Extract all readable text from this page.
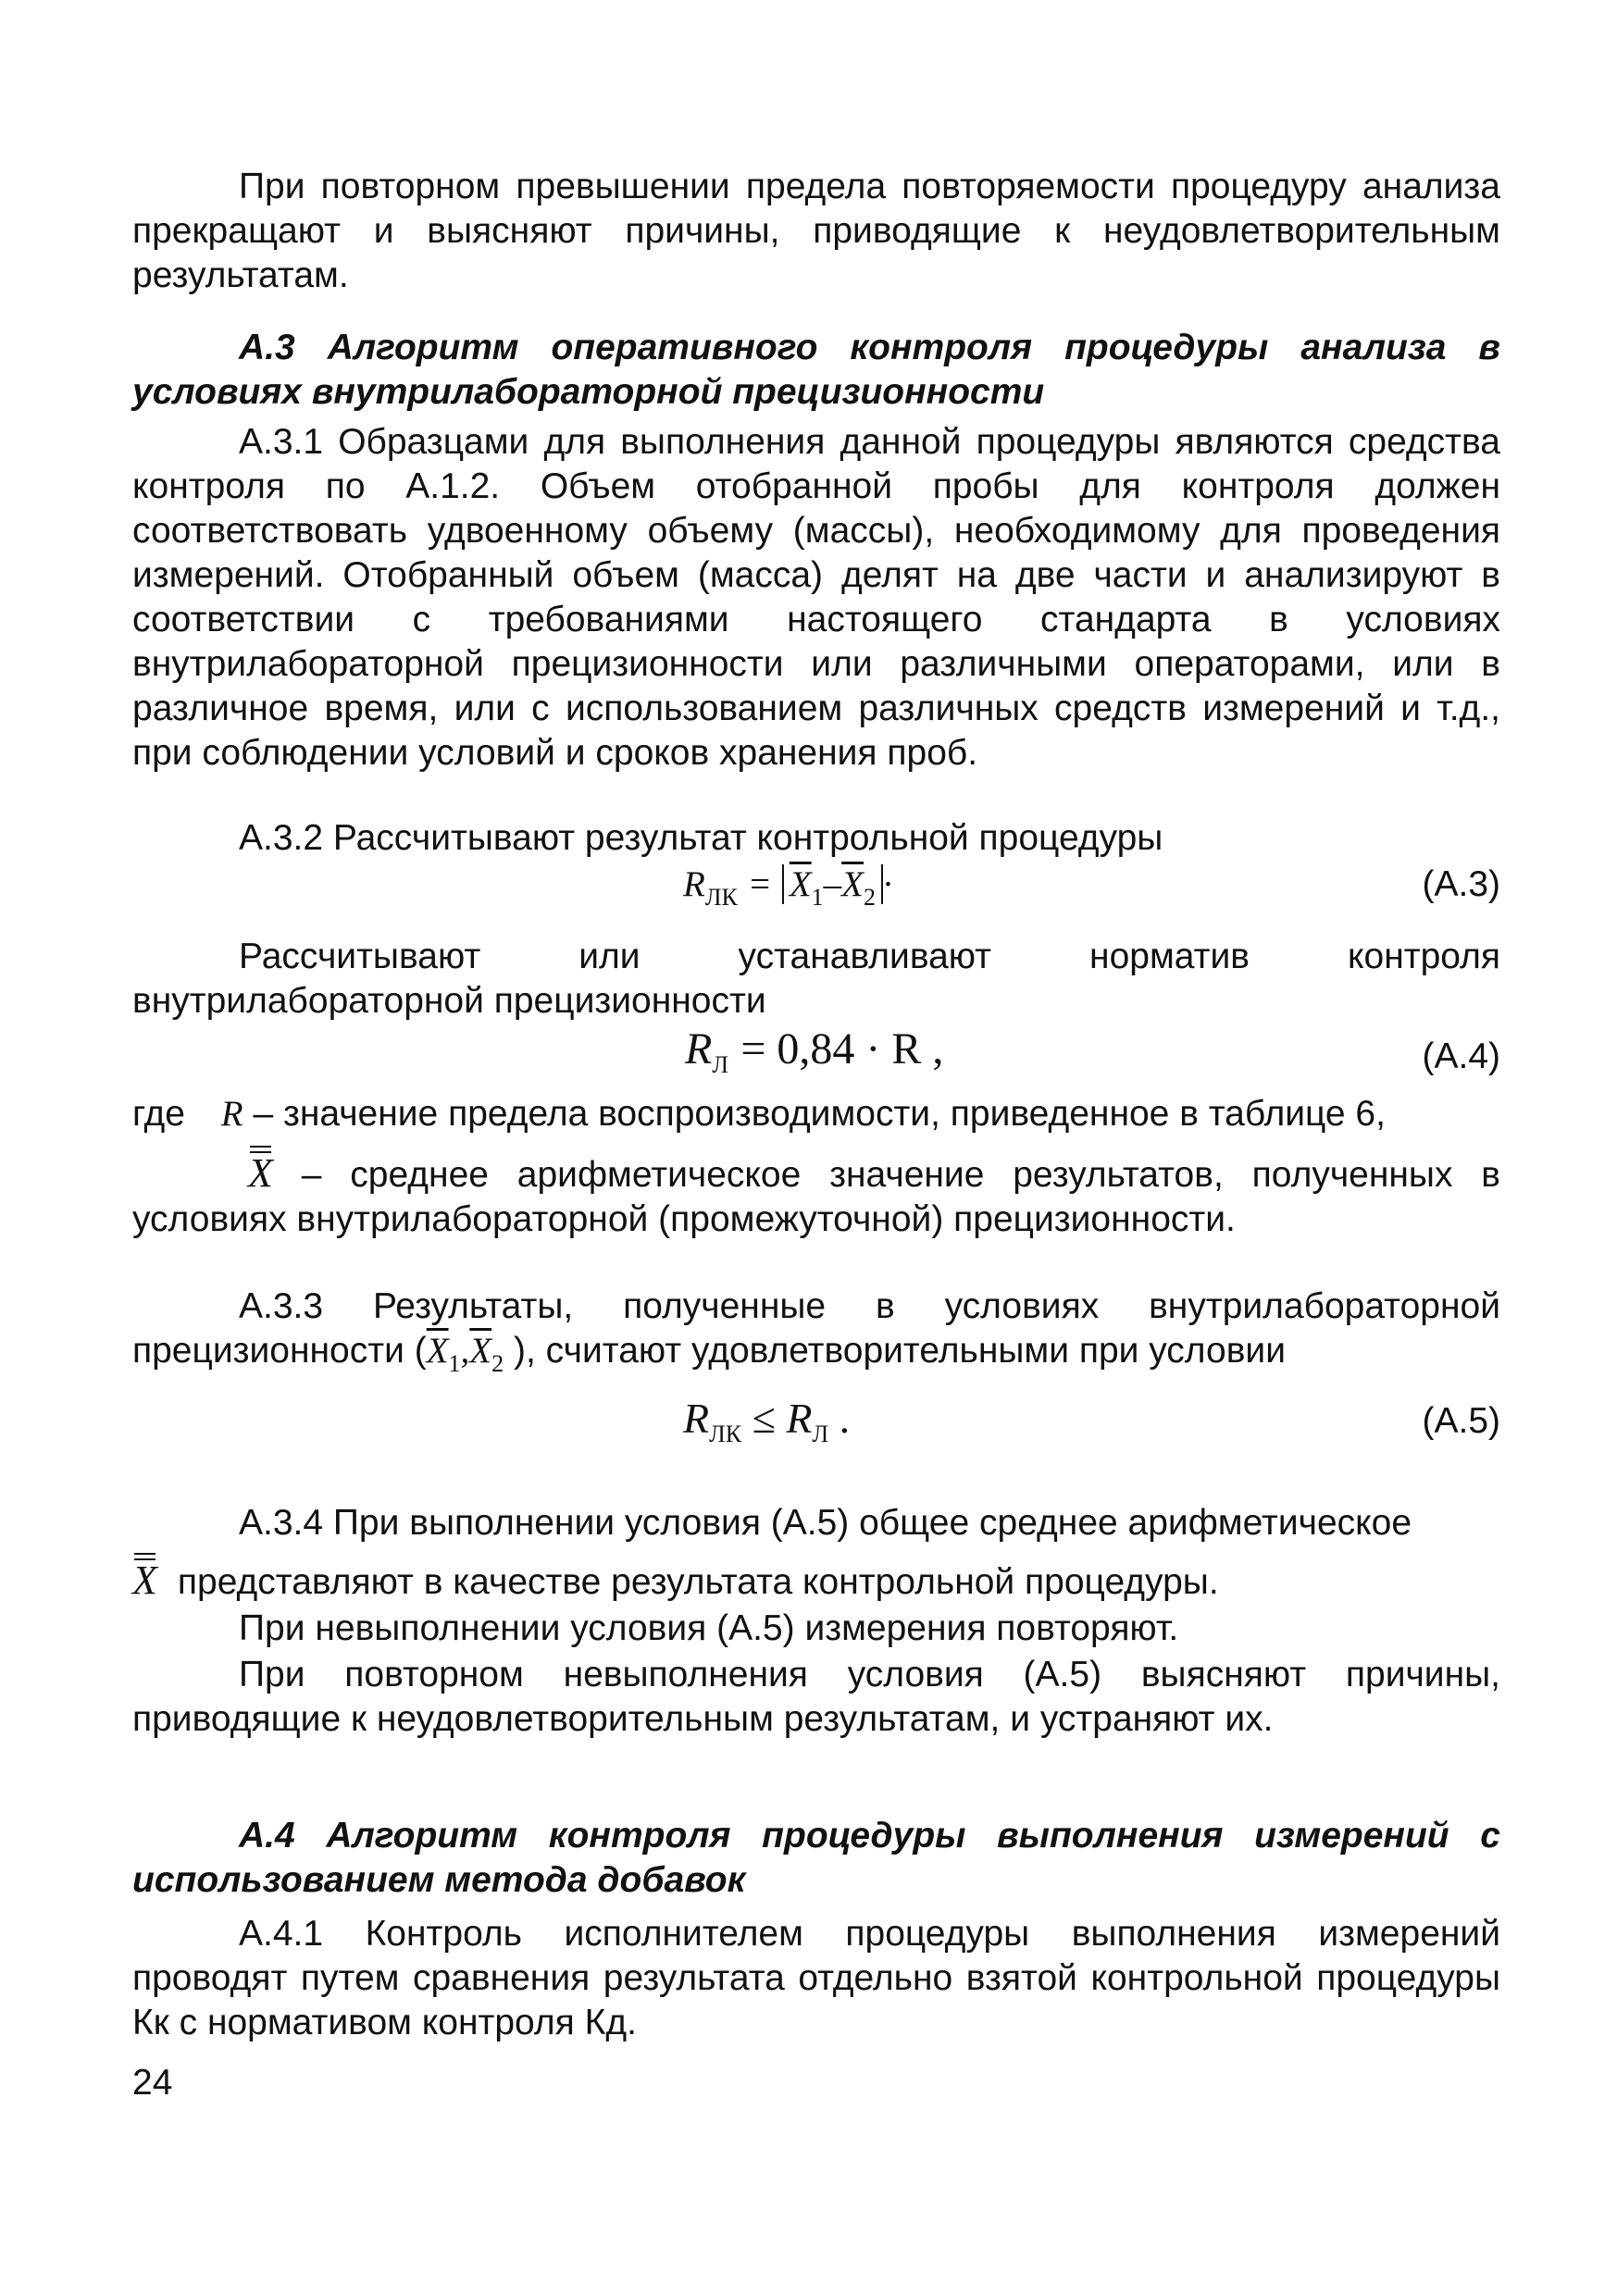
При повторном превышении предела повторяемости процедуру анализа прекращают и выясняют причины, приводящие к неудовлетворительным результатам.

А.3 Алгоритм оперативного контроля процедуры анализа в условиях внутрилабораторной прецизионности

А.3.1 Образцами для выполнения данной процедуры являются средства контроля по А.1.2. Объем отобранной пробы для контроля должен соответствовать удвоенному объему (массы), необходимому для проведения измерений. Отобранный объем (масса) делят на две части и анализируют в соответствии с требованиями настоящего стандарта в условиях внутрилабораторной прецизионности или различными операторами, или в различное время, или с использованием различных средств измерений и т.д., при соблюдении условий и сроков хранения проб.

А.3.2 Рассчитывают результат контрольной процедуры

$R_{ЛК} = \overline{X}_1-\overline{X}_2$ ·	(А.3)

Рассчитывают или устанавливают норматив контроля внутрилабораторной прецизионности

$R_Л = 0,84 \cdot R$ ,	(А.4)
где R – значение предела воспроизводимости, приведенное в таблице 6,
X – среднее арифметическое значение результатов, полученных в условиях внутрилабораторной (промежуточной) прецизионности.
А.3.3 Результаты, полученные в условиях внутрилабораторной прецизионности ($\overline{X}_1,\overline{X}_2$ ), считают удовлетворительными при условии
$R_{ЛК} \le R_Л$ .	(А.5)

А.3.4 При выполнении условия (А.5) общее среднее арифметическое

X представляют в качестве результата контрольной процедуры.

При невыполнении условия (А.5) измерения повторяют.

При повторном невыполнения условия (А.5) выясняют причины, приводящие к неудовлетворительным результатам, и устраняют их.

А.4 Алгоритм контроля процедуры выполнения измерений с использованием метода добавок

А.4.1 Контроль исполнителем процедуры выполнения измерений проводят путем сравнения результата отдельно взятой контрольной процедуры Кк с нормативом контроля Кд.

24
